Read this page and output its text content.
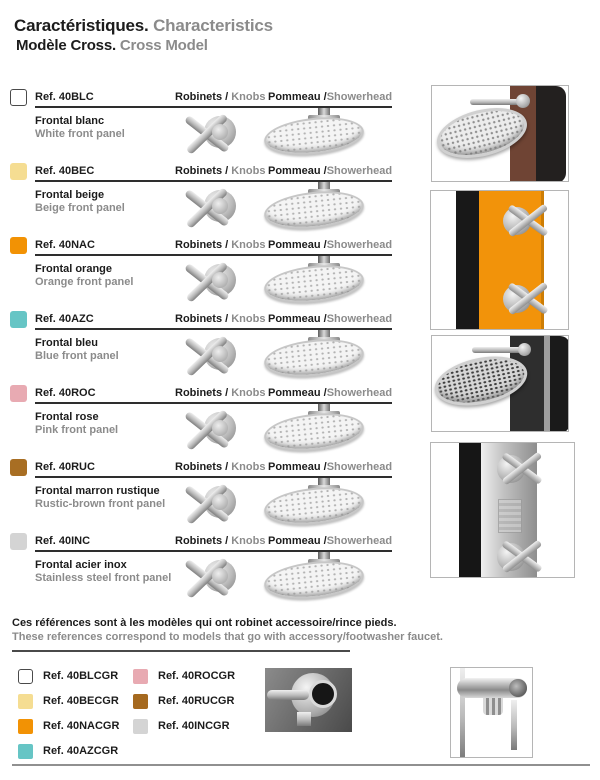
Caractéristiques. Characteristics
Modèle Cross. Cross Model
Ref. 40BLC	Robinets / Knobs Pommeau /Showerhead
Frontal blanc
White front panel
Ref. 40BEC	Robinets / Knobs Pommeau /Showerhead
Frontal beige
Beige front panel
Ref. 40NAC	Robinets / Knobs Pommeau /Showerhead
Frontal orange
Orange front panel
Ref. 40AZC	Robinets / Knobs Pommeau /Showerhead
Frontal bleu
Blue front panel
Ref. 40ROC	Robinets / Knobs Pommeau /Showerhead
Frontal rose
Pink front panel
Ref. 40RUC	Robinets / Knobs Pommeau /Showerhead
Frontal marron rustique
Rustic-brown front panel
Ref. 40INC	Robinets / Knobs Pommeau /Showerhead
Frontal acier inox
Stainless steel front panel
Ces références sont à les modèles qui ont robinet accessoire/rince pieds.
These references correspond to models that go with accessory/footwasher faucet.
Ref. 40BLCGR
Ref. 40BECGR
Ref. 40NACGR
Ref. 40AZCGR
Ref. 40ROCGR
Ref. 40RUCGR
Ref. 40INCGR
